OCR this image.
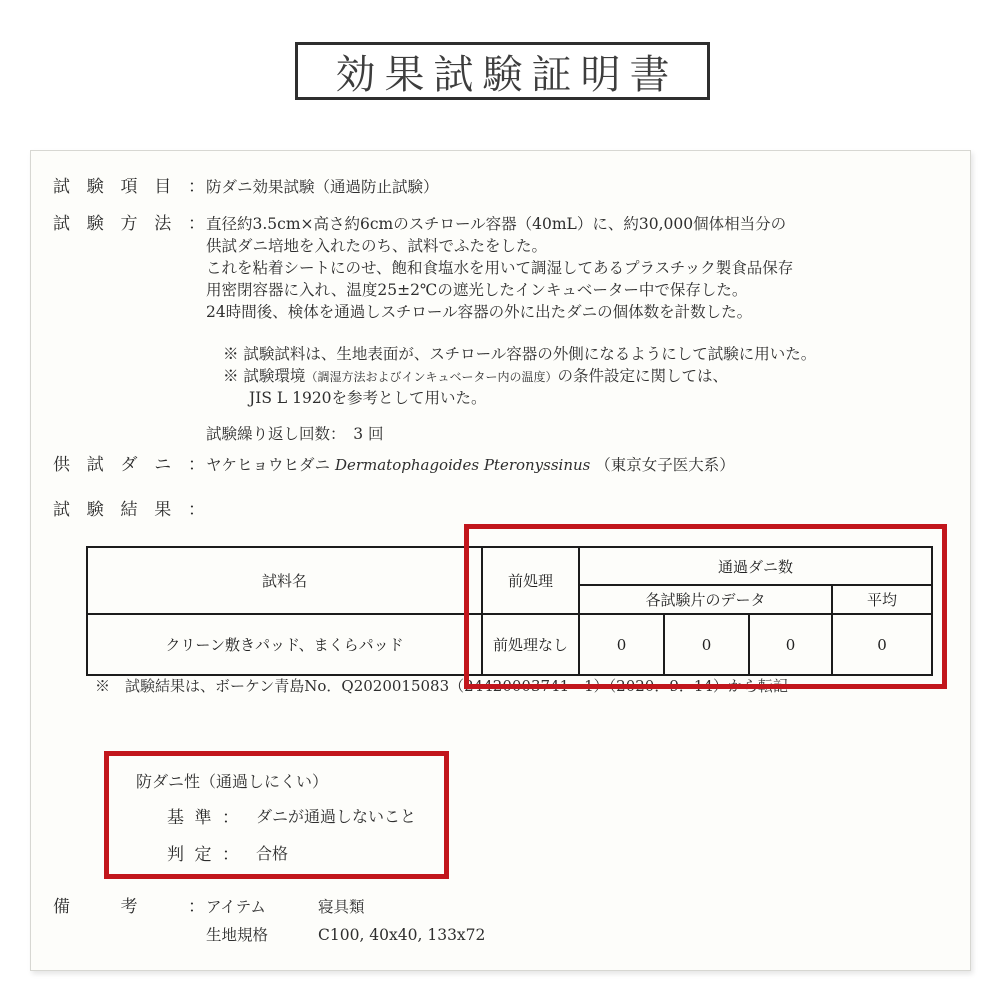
効果試験証明書
試 験 項 目 ： 防ダニ効果試験（通過防止試験）
試 験 方 法 ： 直径約3.5cm×高さ約6cmのスチロール容器（40mL）に、約30,000個体相当分の
供試ダニ培地を入れたのち、試料でふたをした。
これを粘着シートにのせ、飽和食塩水を用いて調湿してあるプラスチック製食品保存
用密閉容器に入れ、温度25±2℃の遮光したインキュベーター中で保存した。
24時間後、検体を通過しスチロール容器の外に出たダニの個体数を計数した。
※ 試験試料は、生地表面が、スチロール容器の外側になるようにして試験に用いた。
※ 試験環境（調湿方法およびインキュベーター内の温度）の条件設定に関しては、
JIS L 1920を参考として用いた。
試験繰り返し回数：　3 回
供 試 ダ ニ ： ヤケヒョウヒダニ Dermatophagoides Pteronyssinus （東京女子医大系）
試 験 結 果 ：
試料名	前処理	通過ダニ数			
		各試験片のデータ			平均
クリーン敷きパッド、まくらパッド	前処理なし	0	0	0	0
※　試験結果は、ボーケン青島No．Q2020015083（24420003741－1）（2020．9．14）から転記
防ダニ性（通過しにくい）
基 準 ： ダニが通過しないこと
判 定 ： 合格
備	考	： アイテム	寝具類
生地規格	C100, 40x40, 133x72
